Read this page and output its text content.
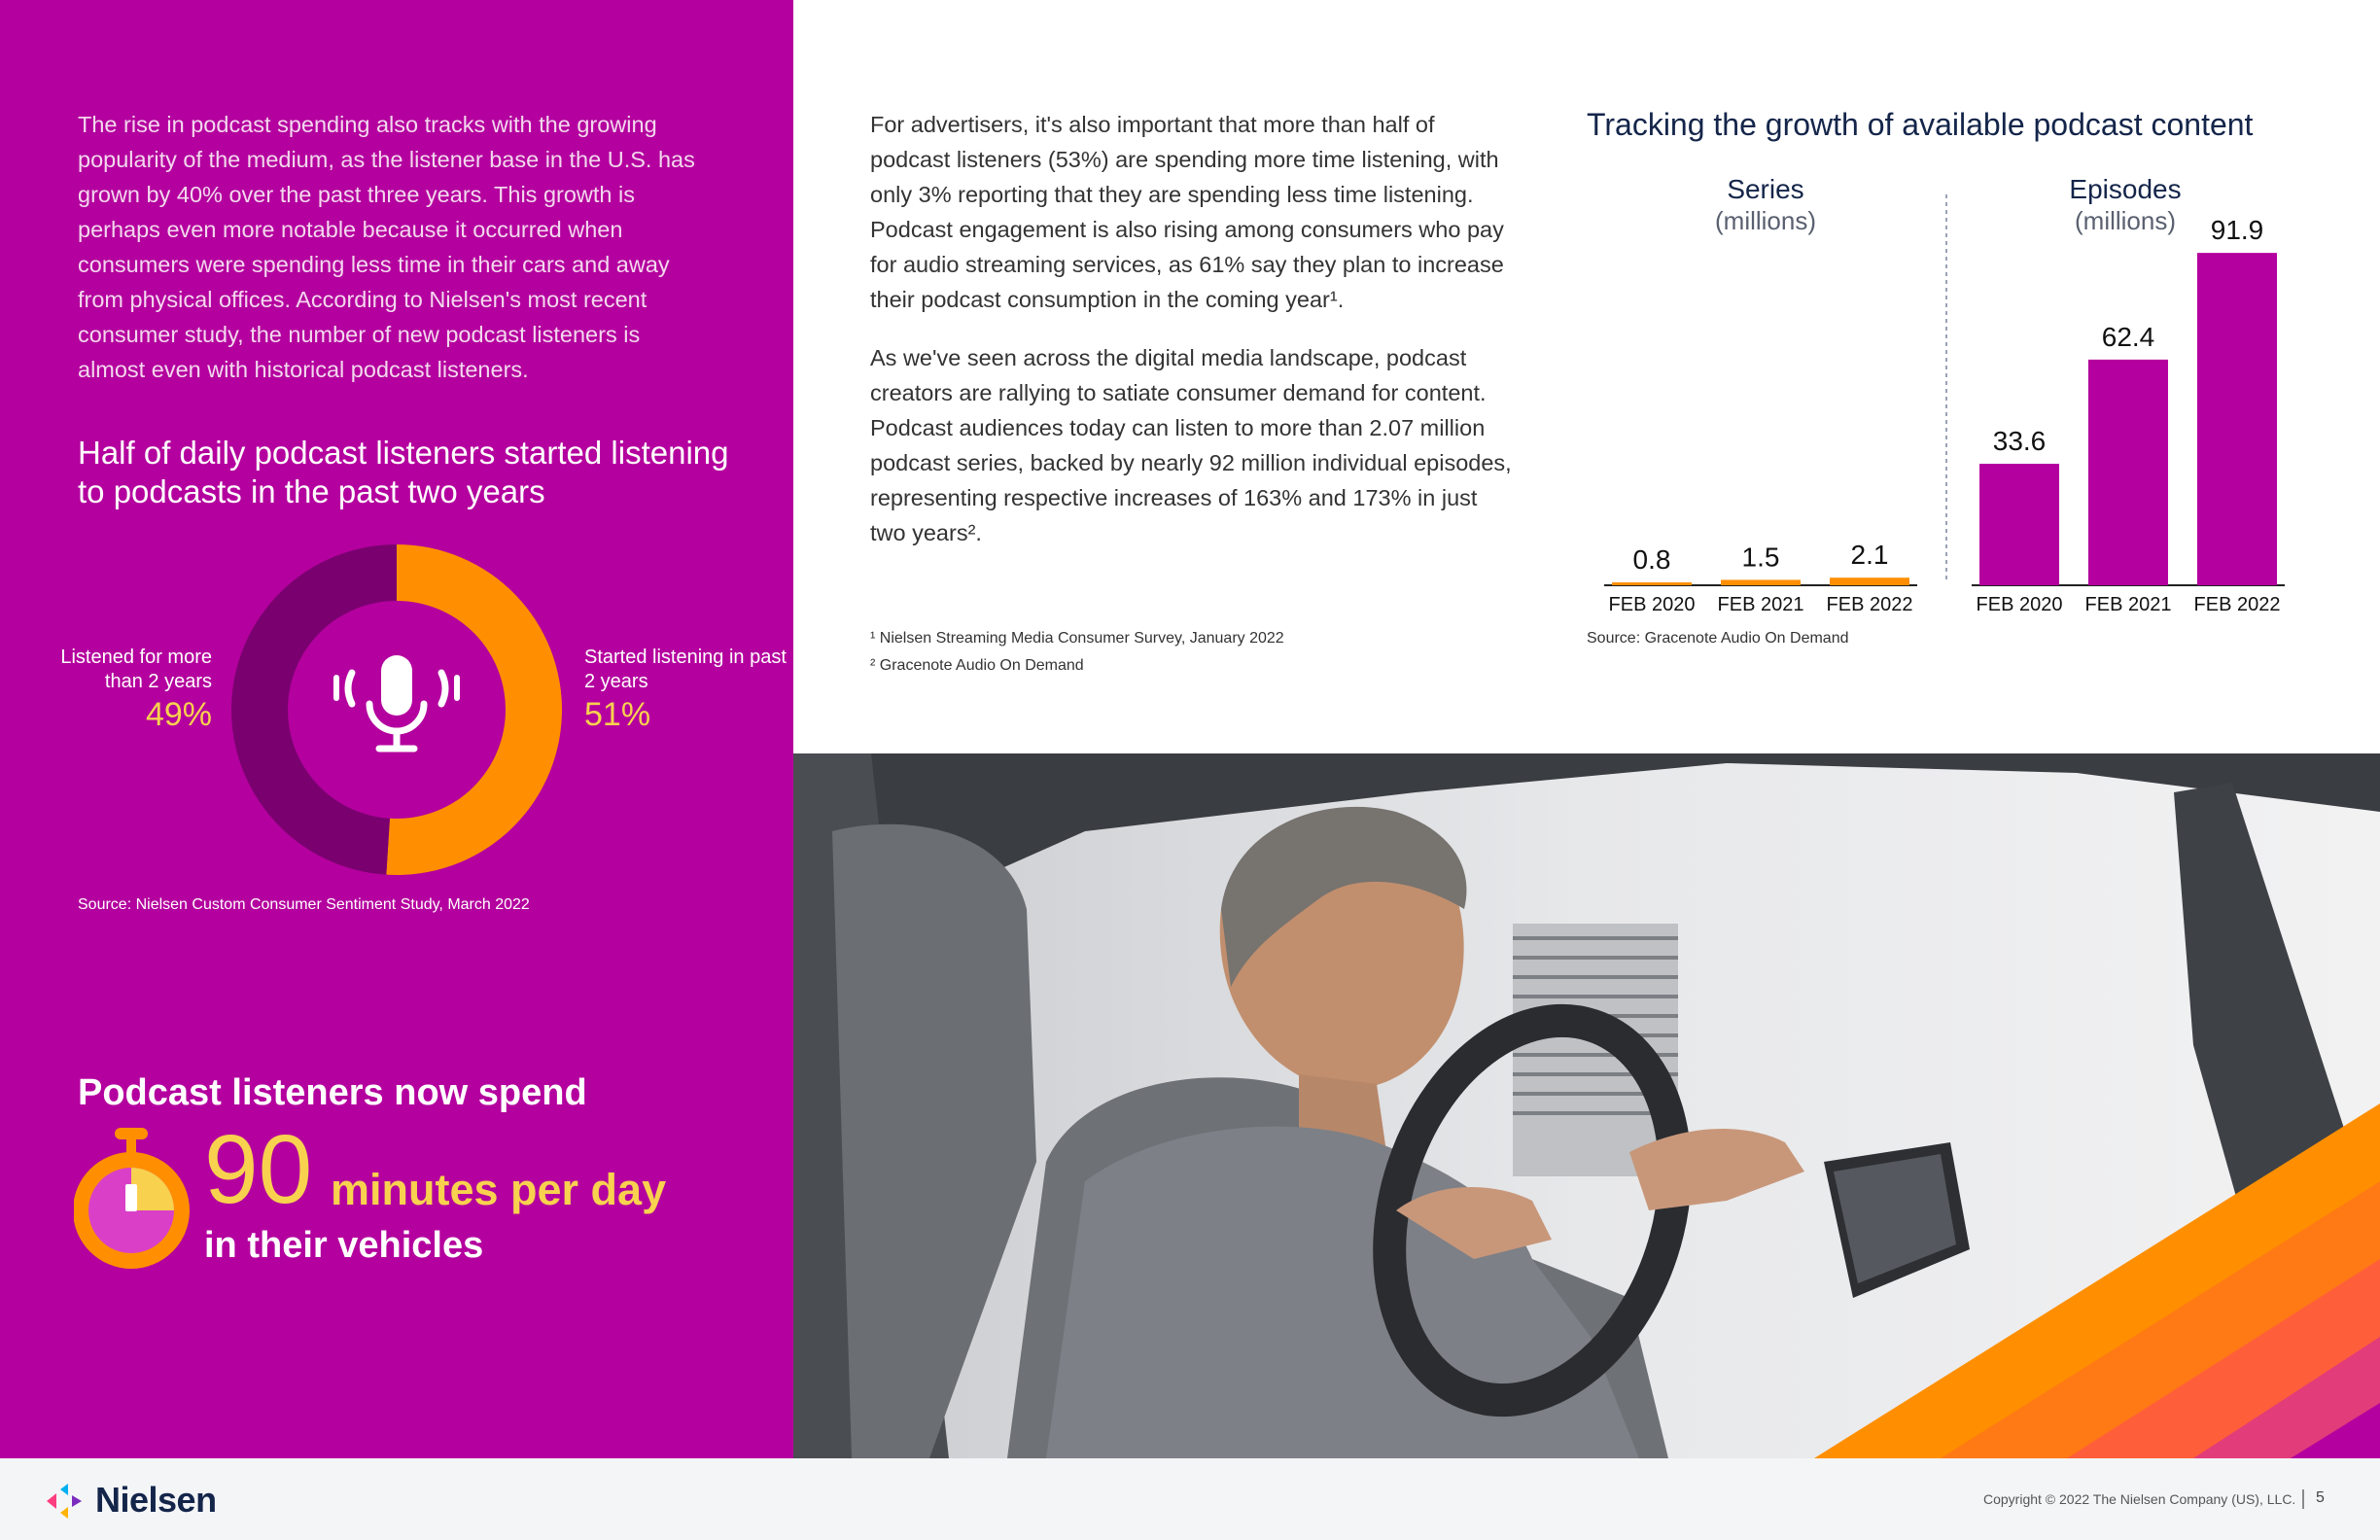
The rise in podcast spending also tracks with the growing popularity of the medium, as the listener base in the U.S. has grown by 40% over the past three years. This growth is perhaps even more notable because it occurred when consumers were spending less time in their cars and away from physical offices. According to Nielsen's most recent consumer study, the number of new podcast listeners is almost even with historical podcast listeners.
Half of daily podcast listeners started listening to podcasts in the past two years
Listened for more than 2 years
49%
Started listening in past 2 years
51%
Source: Nielsen Custom Consumer Sentiment Study, March 2022
Podcast listeners now spend
90 minutes per day
in their vehicles

For advertisers, it's also important that more than half of podcast listeners (53%) are spending more time listening, with only 3% reporting that they are spending less time listening. Podcast engagement is also rising among consumers who pay for audio streaming services, as 61% say they plan to increase their podcast consumption in the coming year¹.

As we've seen across the digital media landscape, podcast creators are rallying to satiate consumer demand for content. Podcast audiences today can listen to more than 2.07 million podcast series, backed by nearly 92 million individual episodes, representing respective increases of 163% and 173% in just two years².

¹ Nielsen Streaming Media Consumer Survey, January 2022
² Gracenote Audio On Demand
Tracking the growth of available podcast content
Series
(millions)
0.8
FEB 2020
1.5
FEB 2021
2.1
FEB 2022
Episodes
(millions)
33.6
FEB 2020
62.4
FEB 2021
91.9
FEB 2022
Source: Gracenote Audio On Demand
Nielsen	Copyright © 2022 The Nielsen Company (US), LLC. 5
